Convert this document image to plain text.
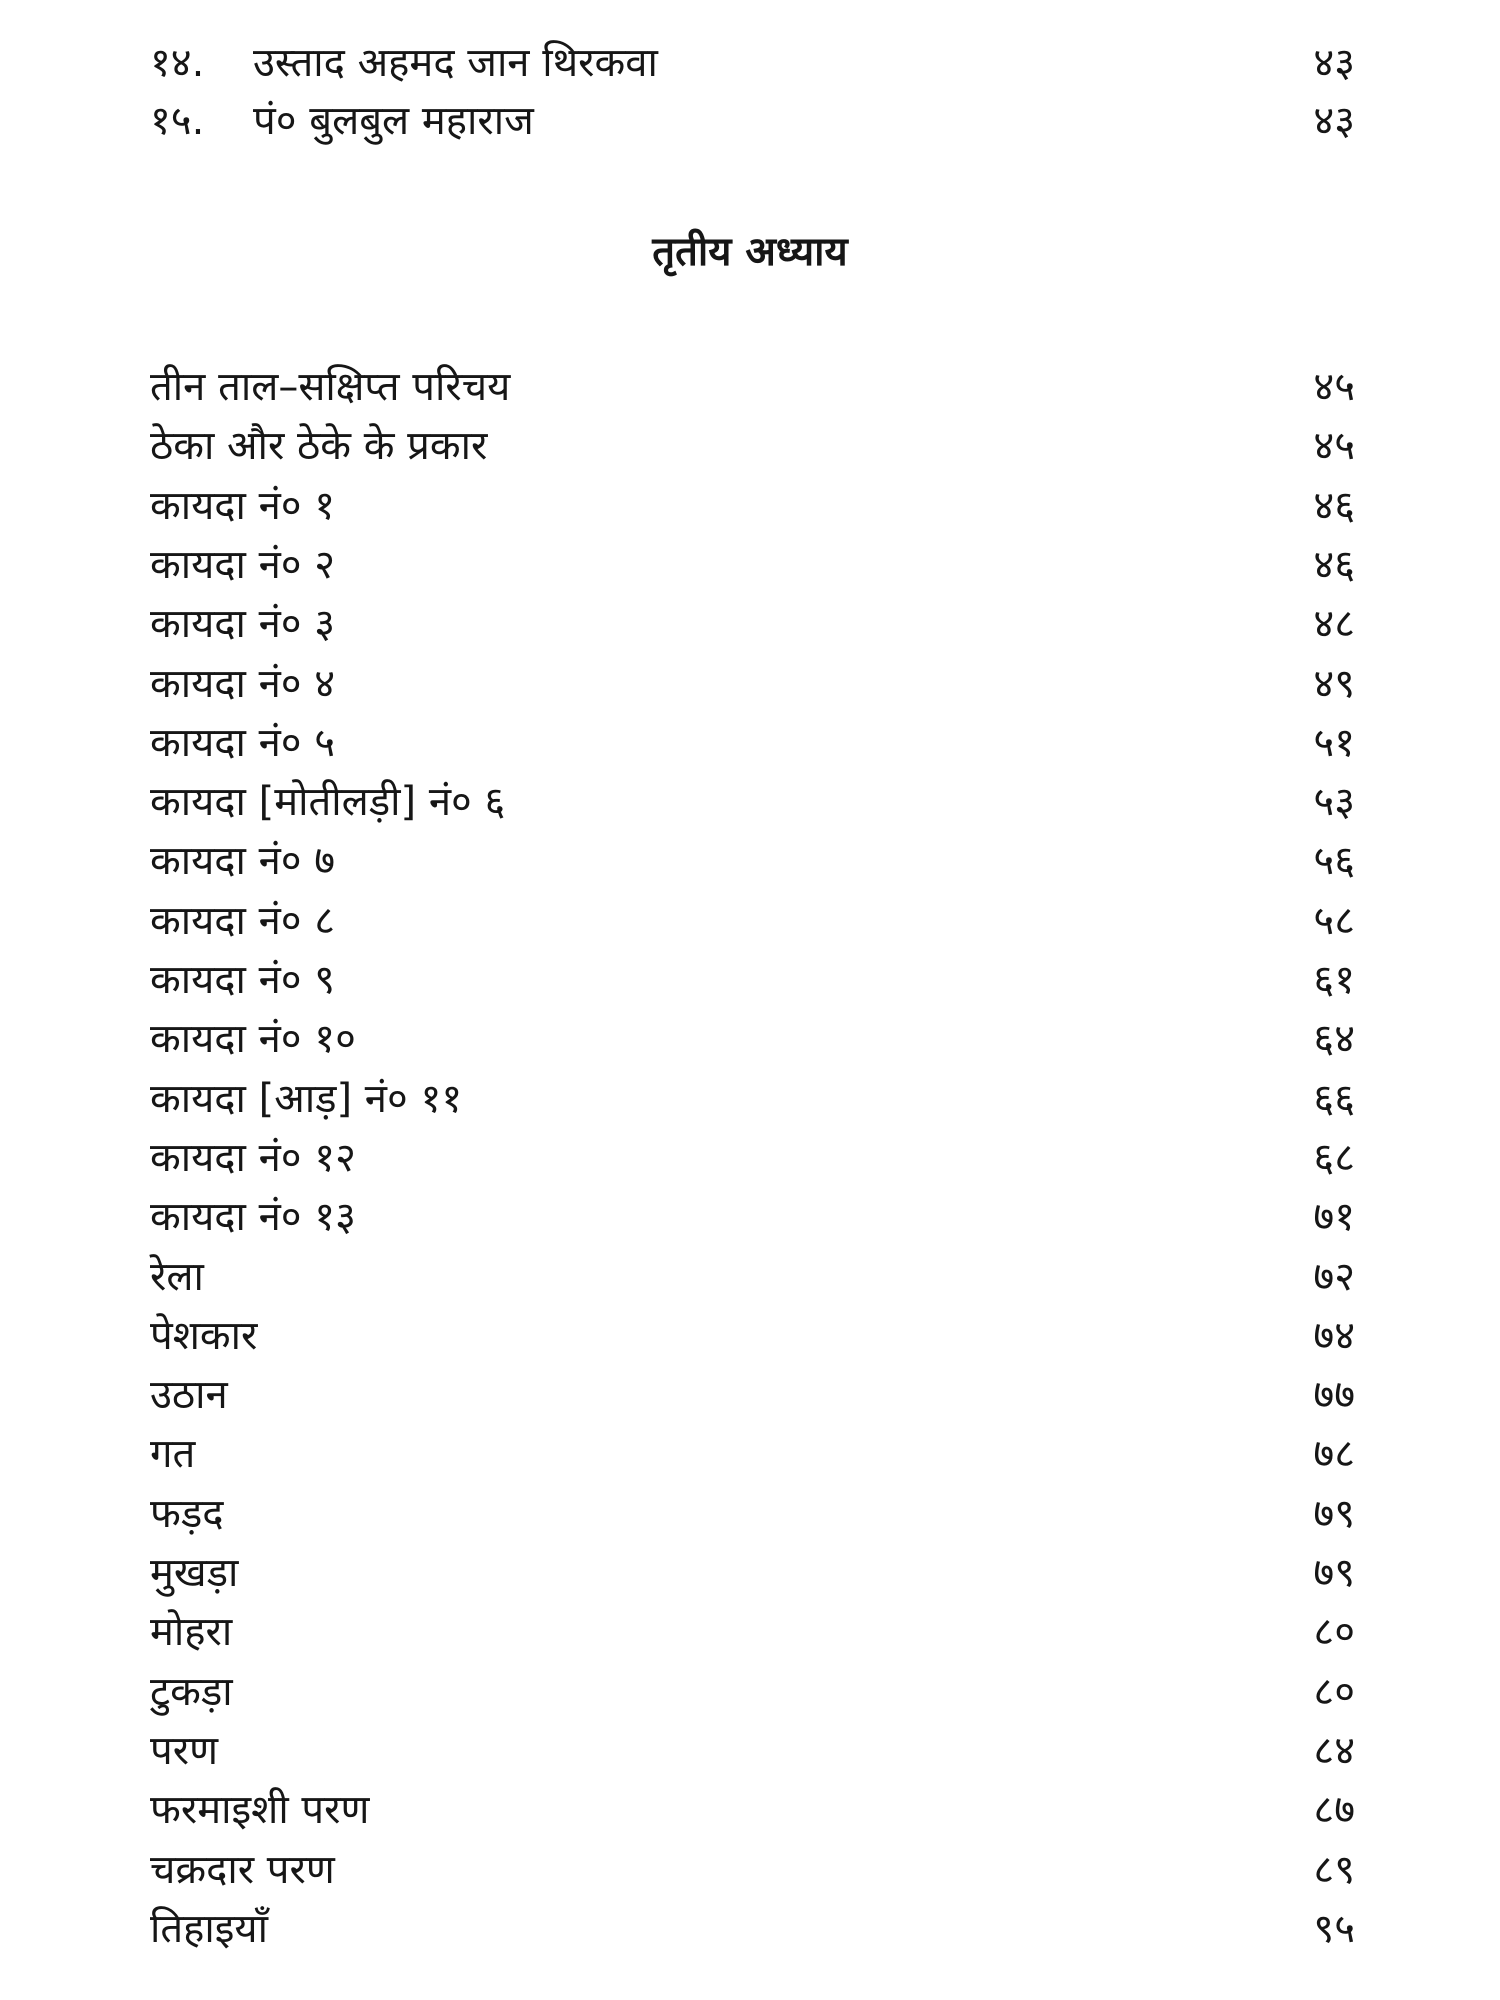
१४. उस्ताद अहमद जान थिरकवा	४३
१५. पं० बुलबुल महाराज	४३
तृतीय अध्याय
तीन ताल–सक्षिप्त परिचय	४५
ठेका और ठेके के प्रकार	४५
कायदा नं० १	४६
कायदा नं० २	४६
कायदा नं० ३	४८
कायदा नं० ४	४९
कायदा नं० ५	५१
कायदा [मोतीलड़ी] नं० ६	५३
कायदा नं० ७	५६
कायदा नं० ८	५८
कायदा नं० ९	६१
कायदा नं० १०	६४
कायदा [आड़] नं० ११	६६
कायदा नं० १२	६८
कायदा नं० १३	७१
रेला	७२
पेशकार	७४
उठान	७७
गत	७८
फड़द	७९
मुखड़ा	७९
मोहरा	८०
टुकड़ा	८०
परण	८४
फरमाइशी परण	८७
चक्रदार परण	८९
तिहाइयाँ	९५
